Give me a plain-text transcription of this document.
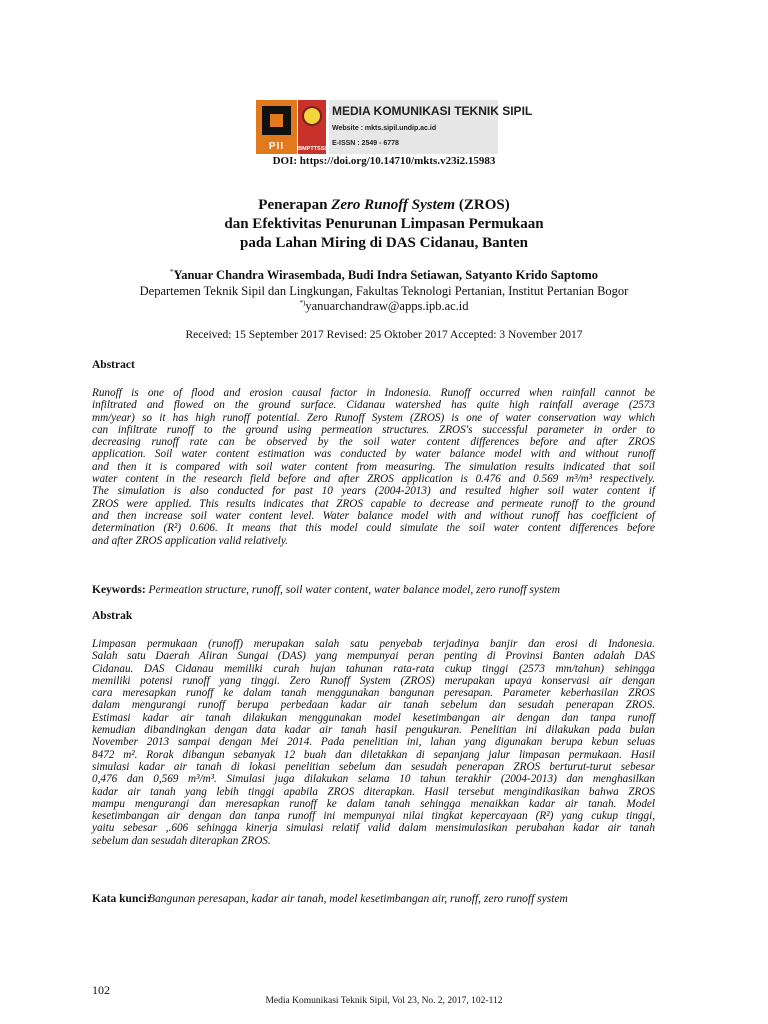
PII	BMPTTSSI
MEDIA KOMUNIKASI TEKNIK SIPIL
Website : mkts.sipil.undip.ac.id
E-ISSN : 2549 - 6778
DOI: https://doi.org/10.14710/mkts.v23i2.15983
Penerapan Zero Runoff System (ZROS)
dan Efektivitas Penurunan Limpasan Permukaan
pada Lahan Miring di DAS Cidanau, Banten
*Yanuar Chandra Wirasembada, Budi Indra Setiawan, Satyanto Krido Saptomo
Departemen Teknik Sipil dan Lingkungan, Fakultas Teknologi Pertanian, Institut Pertanian Bogor
*)yanuarchandraw@apps.ipb.ac.id
Received: 15 September 2017 Revised: 25 Oktober 2017 Accepted: 3 November 2017
Abstract
Runoff is one of flood and erosion causal factor in Indonesia. Runoff occurred when rainfall cannot be
infiltrated and flowed on the ground surface. Cidanau watershed has quite high rainfall average (2573
mm/year) so it has high runoff potential. Zero Runoff System (ZROS) is one of water conservation way which
can infiltrate runoff to the ground using permeation structures. ZROS's successful parameter in order to
decreasing runoff rate can be observed by the soil water content differences before and after ZROS
application. Soil water content estimation was conducted by water balance model with and without runoff
and then it is compared with soil water content from measuring. The simulation results indicated that soil
water content in the research field before and after ZROS application is 0.476 and 0.569 m³/m³ respectively.
The simulation is also conducted for past 10 years (2004-2013) and resulted higher soil water content if
ZROS were applied. This results indicates that ZROS capable to decrease and permeate runoff to the ground
and then increase soil water content level. Water balance model with and without runoff has coefficient of
determination (R²) 0.606. It means that this model could simulate the soil water content differences before
and after ZROS application valid relatively.
Keywords: Permeation structure, runoff, soil water content, water balance model, zero runoff system
Abstrak
Limpasan permukaan (runoff) merupakan salah satu penyebab terjadinya banjir dan erosi di Indonesia.
Salah satu Daerah Aliran Sungai (DAS) yang mempunyai peran penting di Provinsi Banten adalah DAS
Cidanau. DAS Cidanau memiliki curah hujan tahunan rata-rata cukup tinggi (2573 mm/tahun) sehingga
memiliki potensi runoff yang tinggi. Zero Runoff System (ZROS) merupakan upaya konservasi air dengan
cara meresapkan runoff ke dalam tanah menggunakan bangunan peresapan. Parameter keberhasilan ZROS
dalam mengurangi runoff berupa perbedaan kadar air tanah sebelum dan sesudah penerapan ZROS.
Estimasi kadar air tanah dilakukan menggunakan model kesetimbangan air dengan dan tanpa runoff
kemudian dibandingkan dengan data kadar air tanah hasil pengukuran. Penelitian ini dilakukan pada bulan
November 2013 sampai dengan Mei 2014. Pada penelitian ini, lahan yang digunakan berupa kebun seluas
8472 m². Rorak dibangun sebanyak 12 buah dan diletakkan di sepanjang jalur limpasan permukaan. Hasil
simulasi kadar air tanah di lokasi penelitian sebelum dan sesudah penerapan ZROS berturut-turut sebesar
0,476 dan 0,569 m³/m³. Simulasi juga dilakukan selama 10 tahun terakhir (2004-2013) dan menghasilkan
kadar air tanah yang lebih tinggi apabila ZROS diterapkan. Hasil tersebut mengindikasikan bahwa ZROS
mampu mengurangi dan meresapkan runoff ke dalam tanah sehingga menaikkan kadar air tanah. Model
kesetimbangan air dengan dan tanpa runoff ini mempunyai nilai tingkat kepercayaan (R²) yang cukup tinggi,
yaitu sebesar ,.606 sehingga kinerja simulasi relatif valid dalam mensimulasikan perubahan kadar air tanah
sebelum dan sesudah diterapkan ZROS.
Kata kunci:
Bangunan peresapan, kadar air tanah, model kesetimbangan air, runoff, zero runoff system
102
Media Komunikasi Teknik Sipil, Vol 23, No. 2, 2017, 102-112
